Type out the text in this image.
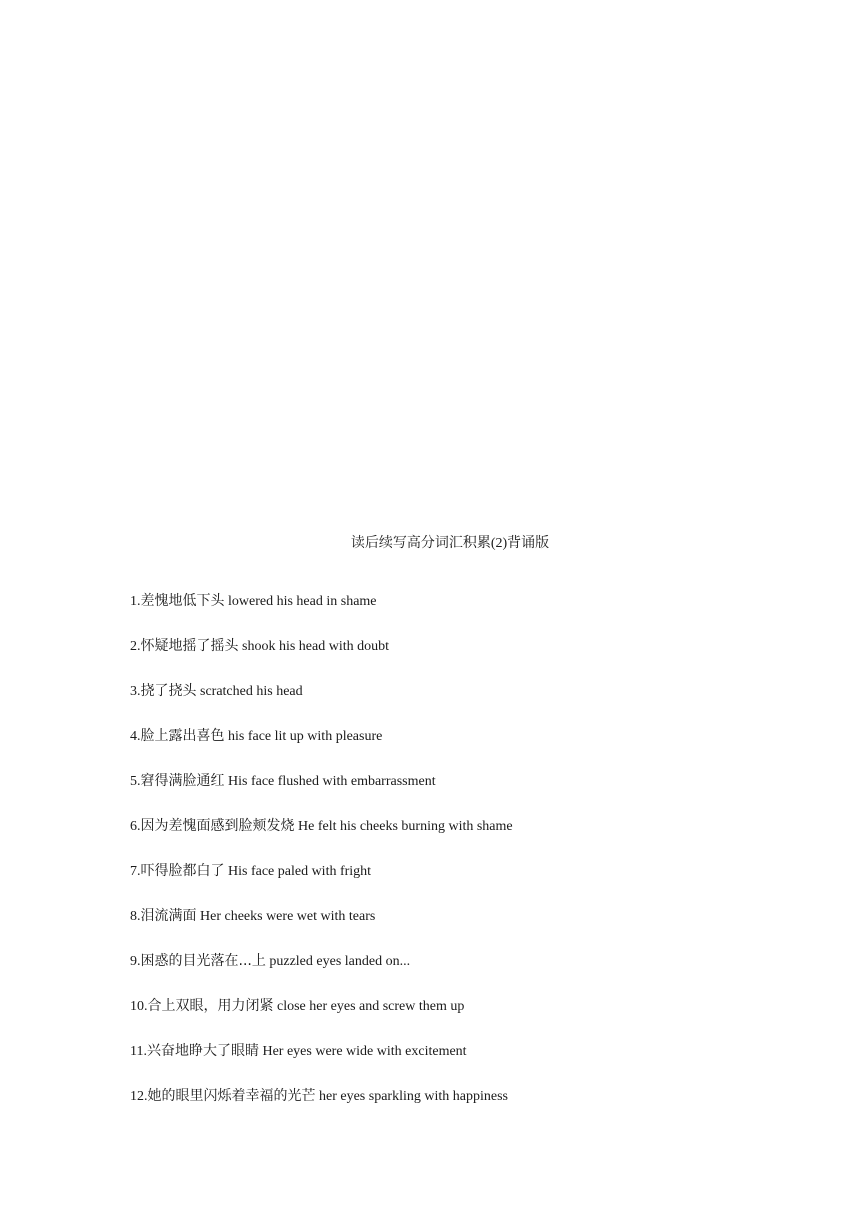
读后续写高分词汇积累(2)背诵版
1.差愧地低下头 lowered his head in shame
2.怀疑地摇了摇头 shook his head with doubt
3.挠了挠头 scratched his head
4.脸上露出喜色 his face lit up with pleasure
5.窘得满脸通红 His face flushed with embarrassment
6.因为差愧面感到脸颊发烧 He felt his cheeks burning with shame
7.吓得脸都白了 His face paled with fright
8.泪流满面 Her cheeks were wet with tears
9.困惑的目光落在...上 puzzled eyes landed on...
10.合上双眼，用力闭紧 close her eyes and screw them up
11.兴奋地睁大了眼睛 Her eyes were wide with excitement
12.她的眼里闪烁着幸福的光芒 her eyes sparkling with happiness
